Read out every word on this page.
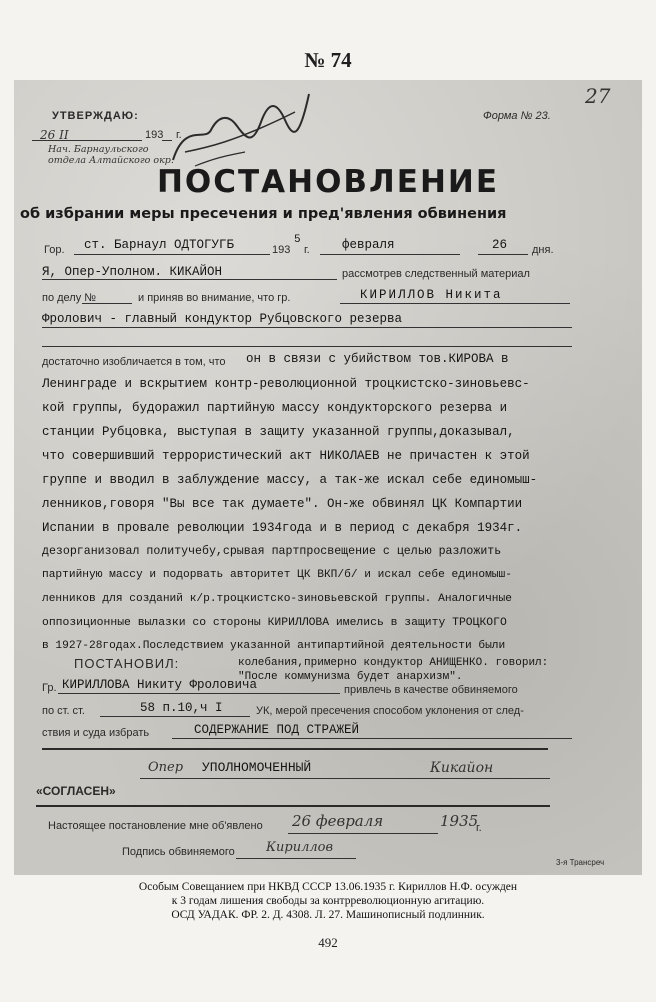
№ 74
УТВЕРЖДАЮ:	Форма № 23.
27
26 II	193 г.
Нач. Барнаульского отдела Алтайского окр.
ПОСТАНОВЛЕНИЕ
об избрании меры пресечения и пред'явления обвинения
Гор. ст. Барнаул ОДТОГУГБ	193
5
г.	февраля	26 дня.
Я, Опер-Уполном. КИКАЙОН	рассмотрев следственный материал
по делу №	и приняв во внимание, что гр.	КИРИЛЛОВ Никита
Фролович - главный кондуктор Рубцовского резерва
достаточно изобличается в том, что он в связи с убийством тов.КИРОВА в
Ленинграде и вскрытием контр-революционной троцкистско-зиновьевс-
кой группы, будоражил партийную массу кондукторского резерва и
станции Рубцовка, выступая в защиту указанной группы,доказывал,
что совершивший террористический акт НИКОЛАЕВ не причастен к этой
группе и вводил в заблуждение массу, а так-же искал себе единомыш-
ленников,говоря "Вы все так думаете". Он-же обвинял ЦК Компартии
Испании в провале революции 1934года и в период с декабря 1934г.
дезорганизовал политучебу,срывая партпросвещение с целью разложить
партийную массу и подорвать авторитет ЦК ВКП/б/ и искал себе единомыш-
ленников для созданий к/р.троцкистско-зиновьевской группы. Аналогичные
оппозиционные вылазки со стороны КИРИЛЛОВА имелись в защиту ТРОЦКОГО
в 1927-28годах.Последствием указанной антипартийной деятельности были
колебания,примерно кондуктор АНИЩЕНКО. говорил:
"После коммунизма будет анархизм".
ПОСТАНОВИЛ:
Гр. КИРИЛЛОВА Никиту Фроловича	привлечь в качестве обвиняемого
по ст. ст.	58 п.10,ч I	УК, мерой пресечения способом уклонения от след-
ствия и суда избрать	СОДЕРЖАНИЕ ПОД СТРАЖЕЙ
Опер УПОЛНОМОЧЕННЫЙ	Кикайон
«СОГЛАСЕН»
Настоящее постановление мне об'явлено 26 февраля	1935
г.
Подпись обвиняемого Кириллов
3-я Трансреч
Особым Совещанием при НКВД СССР 13.06.1935 г. Кириллов Н.Ф. осужден
к 3 годам лишения свободы за контрреволюционную агитацию.
ОСД УАДАК. ФР. 2. Д. 4308. Л. 27. Машинописный подлинник.
492
